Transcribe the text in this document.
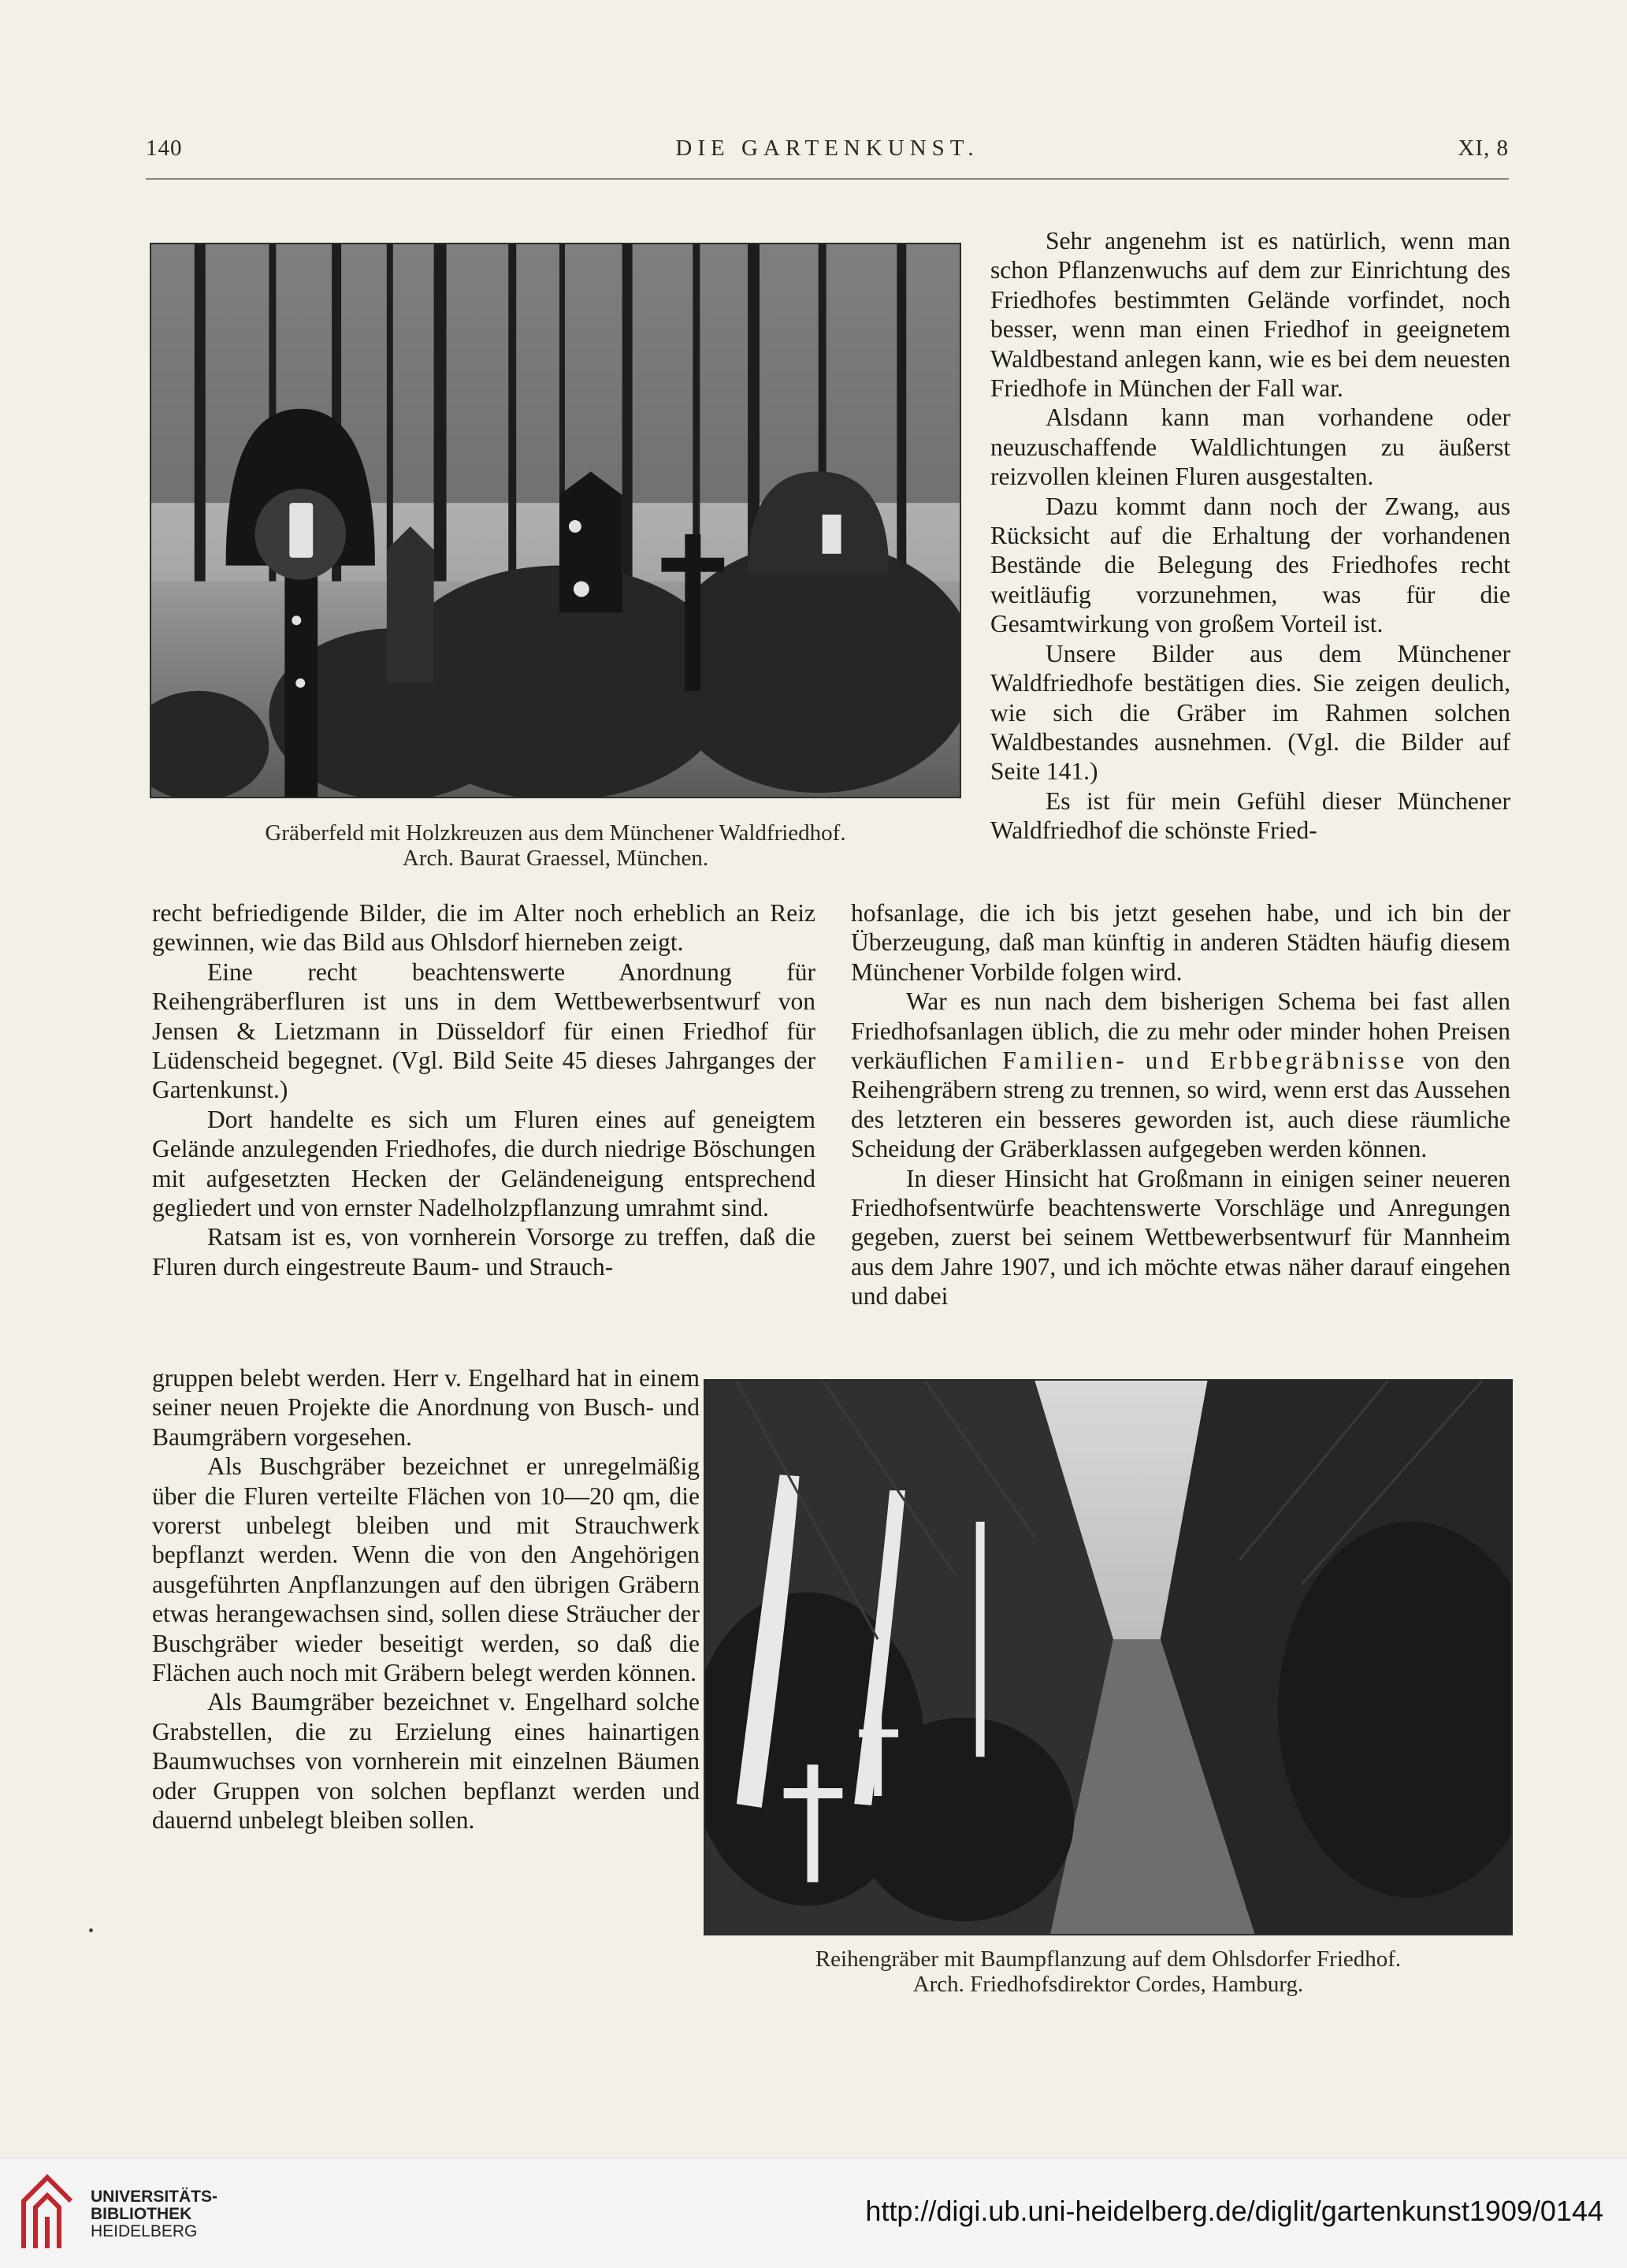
140	DIE GARTENKUNST.	XI, 8
Gräberfeld mit Holzkreuzen aus dem Münchener Waldfriedhof.
Arch. Baurat Graessel, München.

Sehr angenehm ist es natürlich, wenn man schon Pflanzenwuchs auf dem zur Einrichtung des Friedhofes bestimmten Gelände vorfindet, noch besser, wenn man einen Friedhof in geeignetem Waldbestand anlegen kann, wie es bei dem neuesten Friedhofe in München der Fall war.

Alsdann kann man vorhandene oder neuzuschaffende Waldlichtungen zu äußerst reizvollen kleinen Fluren ausgestalten.

Dazu kommt dann noch der Zwang, aus Rücksicht auf die Erhaltung der vorhandenen Bestände die Belegung des Friedhofes recht weitläufig vorzunehmen, was für die Gesamtwirkung von großem Vorteil ist.

Unsere Bilder aus dem Münchener Waldfriedhofe bestätigen dies. Sie zeigen deulich, wie sich die Gräber im Rahmen solchen Waldbestandes ausnehmen. (Vgl. die Bilder auf Seite 141.)

Es ist für mein Gefühl dieser Münchener Waldfriedhof die schönste Fried-

recht befriedigende Bilder, die im Alter noch erheblich an Reiz gewinnen, wie das Bild aus Ohlsdorf hierneben zeigt.

Eine recht beachtenswerte Anordnung für Reihengräberfluren ist uns in dem Wettbewerbsentwurf von Jensen & Lietzmann in Düsseldorf für einen Friedhof für Lüdenscheid begegnet. (Vgl. Bild Seite 45 dieses Jahrganges der Gartenkunst.)

Dort handelte es sich um Fluren eines auf geneigtem Gelände anzulegenden Friedhofes, die durch niedrige Böschungen mit aufgesetzten Hecken der Geländeneigung entsprechend gegliedert und von ernster Nadelholzpflanzung umrahmt sind.

Ratsam ist es, von vornherein Vorsorge zu treffen, daß die Fluren durch eingestreute Baum- und Strauch-

hofsanlage, die ich bis jetzt gesehen habe, und ich bin der Überzeugung, daß man künftig in anderen Städten häufig diesem Münchener Vorbilde folgen wird.

War es nun nach dem bisherigen Schema bei fast allen Friedhofsanlagen üblich, die zu mehr oder minder hohen Preisen verkäuflichen Familien- und Erbbegräbnisse von den Reihengräbern streng zu trennen, so wird, wenn erst das Aussehen des letzteren ein besseres geworden ist, auch diese räumliche Scheidung der Gräberklassen aufgegeben werden können.

In dieser Hinsicht hat Großmann in einigen seiner neueren Friedhofsentwürfe beachtenswerte Vorschläge und Anregungen gegeben, zuerst bei seinem Wettbewerbsentwurf für Mannheim aus dem Jahre 1907, und ich möchte etwas näher darauf eingehen und dabei

gruppen belebt werden. Herr v. Engelhard hat in einem seiner neuen Projekte die Anordnung von Busch- und Baumgräbern vorgesehen.

Als Buschgräber bezeichnet er unregelmäßig über die Fluren verteilte Flächen von 10—20 qm, die vorerst unbelegt bleiben und mit Strauchwerk bepflanzt werden. Wenn die von den Angehörigen ausgeführten Anpflanzungen auf den übrigen Gräbern etwas herangewachsen sind, sollen diese Sträucher der Buschgräber wieder beseitigt werden, so daß die Flächen auch noch mit Gräbern belegt werden können.

Als Baumgräber bezeichnet v. Engelhard solche Grabstellen, die zu Erzielung eines hainartigen Baumwuchses von vornherein mit einzelnen Bäumen oder Gruppen von solchen bepflanzt werden und dauernd unbelegt bleiben sollen.

Reihengräber mit Baumpflanzung auf dem Ohlsdorfer Friedhof.
Arch. Friedhofsdirektor Cordes, Hamburg.
UNIVERSITÄTS-
BIBLIOTHEK
HEIDELBERG
http://digi.ub.uni-heidelberg.de/diglit/gartenkunst1909/0144
